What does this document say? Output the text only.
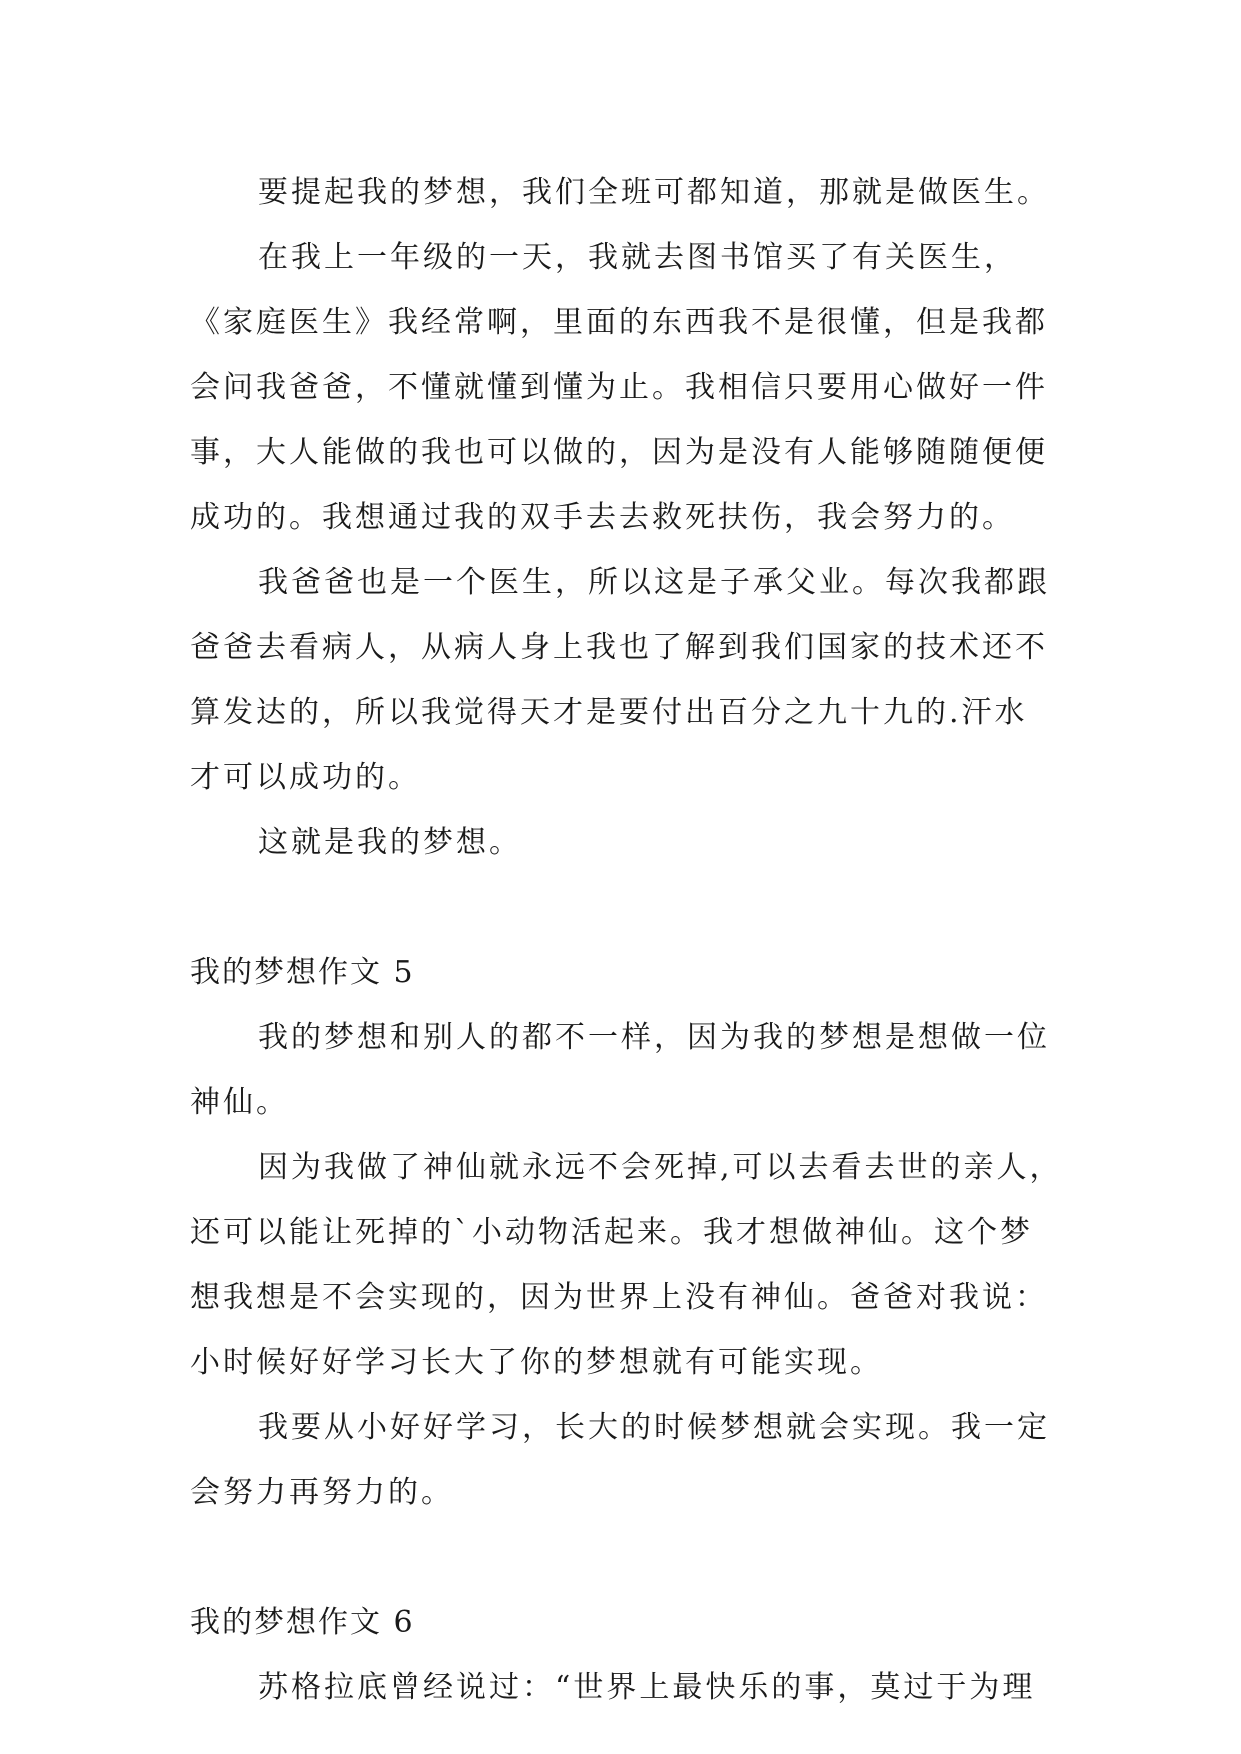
要提起我的梦想，我们全班可都知道，那就是做医生。
在我上一年级的一天，我就去图书馆买了有关医生，
《家庭医生》我经常啊，里面的东西我不是很懂，但是我都
会问我爸爸，不懂就懂到懂为止。我相信只要用心做好一件
事，大人能做的我也可以做的，因为是没有人能够随随便便
成功的。我想通过我的双手去去救死扶伤，我会努力的。
我爸爸也是一个医生，所以这是子承父业。每次我都跟
爸爸去看病人，从病人身上我也了解到我们国家的技术还不
算发达的，所以我觉得天才是要付出百分之九十九的.汗水
才可以成功的。
这就是我的梦想。
我的梦想作文 5
我的梦想和别人的都不一样，因为我的梦想是想做一位
神仙。
因为我做了神仙就永远不会死掉,可以去看去世的亲人，
还可以能让死掉的`小动物活起来。我才想做神仙。这个梦
想我想是不会实现的，因为世界上没有神仙。爸爸对我说：
小时候好好学习长大了你的梦想就有可能实现。
我要从小好好学习，长大的时候梦想就会实现。我一定
会努力再努力的。
我的梦想作文 6
苏格拉底曾经说过：“世界上最快乐的事，莫过于为理
